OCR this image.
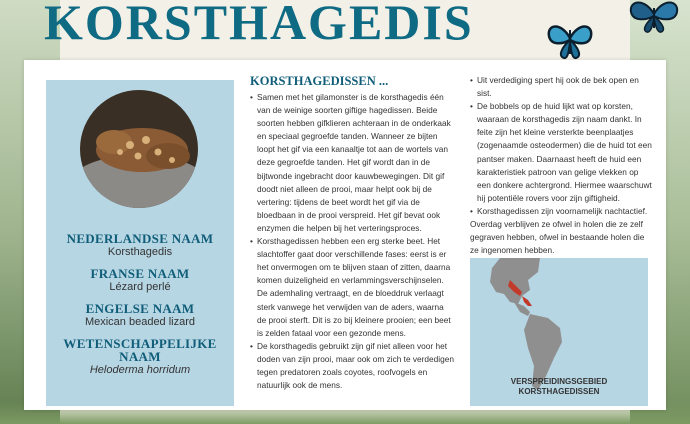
KORSTHAGEDIS

NEDERLANDSE NAAM

Korsthagedis

FRANSE NAAM

Lézard perlé

ENGELSE NAAM

Mexican beaded lizard

WETENSCHAPPELIJKE NAAM

Heloderma horridum

KORSTHAGEDISSEN ...
• Samen met het gilamonster is de korsthagedis één van de weinige soorten giftige hagedissen. Beide soorten hebben gifklieren achteraan in de onderkaak en speciaal gegroefde tanden. Wanneer ze bijten loopt het gif via een kanaaltje tot aan de wortels van deze gegroefde tanden. Het gif wordt dan in de bijtwonde ingebracht door kauwbewegingen. Dit gif doodt niet alleen de prooi, maar helpt ook bij de vertering: tijdens de beet wordt het gif via de bloedbaan in de prooi verspreid. Het gif bevat ook enzymen die helpen bij het verteringsproces.
• Korsthagedissen hebben een erg sterke beet. Het slachtoffer gaat door verschillende fases: eerst is er het onvermogen om te blijven staan of zitten, daarna komen duizeligheid en verlammingsverschijnselen. De ademhaling vertraagt, en de bloeddruk verlaagt sterk vanwege het verwijden van de aders, waarna de prooi sterft. Dit is zo bij kleinere prooien; een beet is zelden fataal voor een gezonde mens.
• De korsthagedis gebruikt zijn gif niet alleen voor het doden van zijn prooi, maar ook om zich te verdedigen tegen predatoren zoals coyotes, roofvogels en natuurlijk ook de mens.
• Uit verdediging spert hij ook de bek open en sist.
• De bobbels op de huid lijkt wat op korsten, waaraan de korsthagedis zijn naam dankt. In feite zijn het kleine versterkte beenplaatjes (zogenaamde osteodermen) die de huid tot een pantser maken. Daarnaast heeft de huid een karakteristiek patroon van gelige vlekken op een donkere achtergrond. Hiermee waarschuwt hij potentiële rovers voor zijn giftigheid.
• Korsthagedissen zijn voornamelijk nachtactief.

Overdag verblijven ze ofwel in holen die ze zelf gegraven hebben, ofwel in bestaande holen die ze ingenomen hebben.

VERSPREIDINGSGEBIED
KORSTHAGEDISSEN
